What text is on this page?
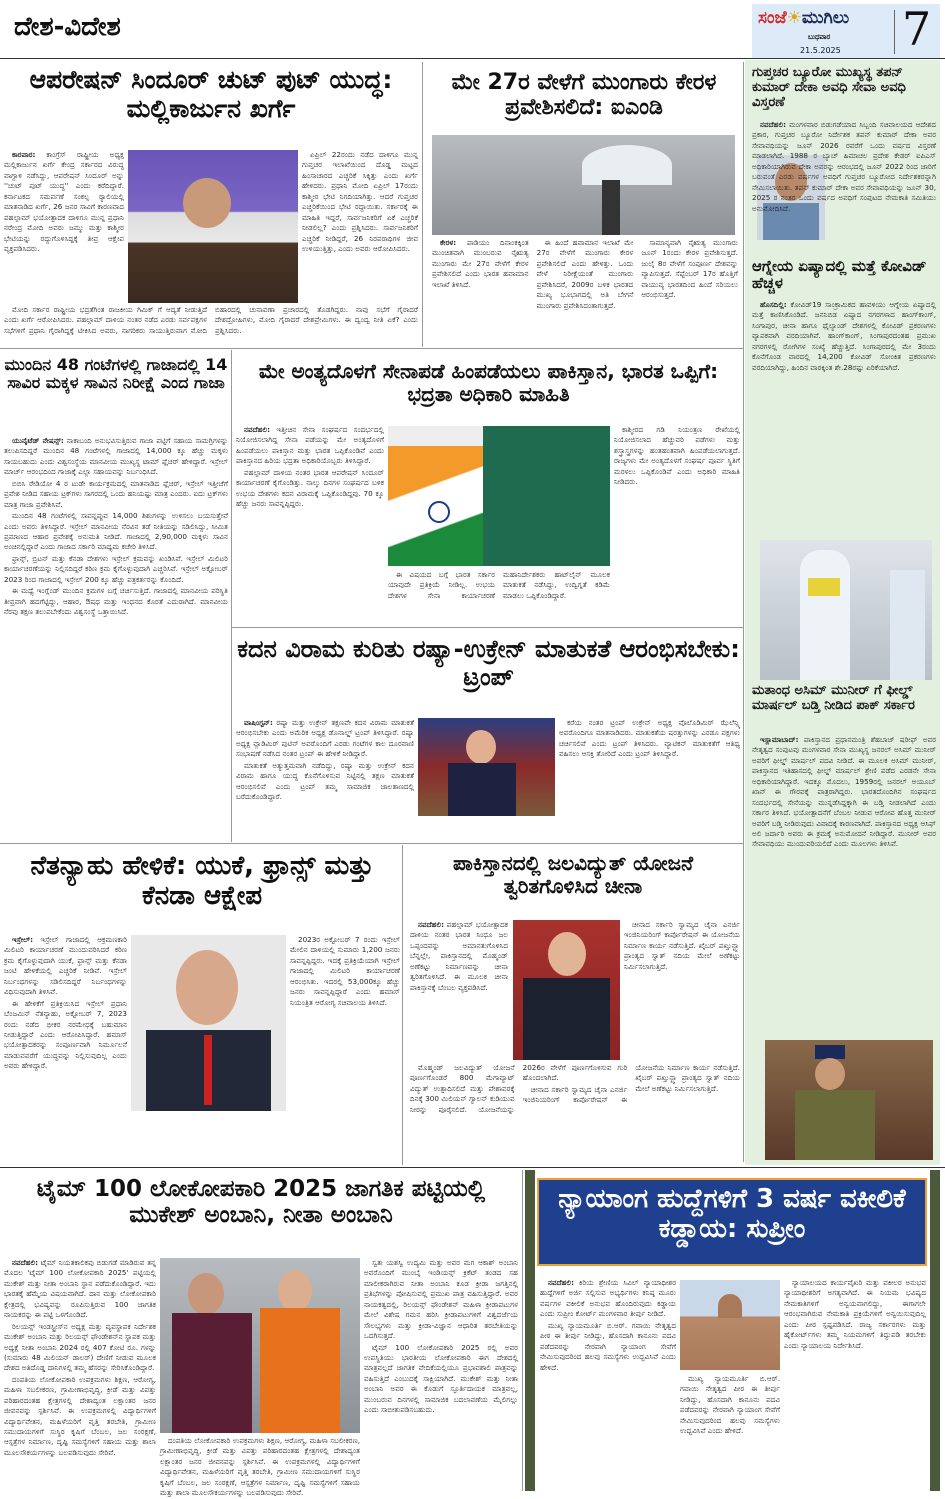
ದೇಶ-ವಿದೇಶ	ಸಂಜೆ☀ಮುಗಿಲು
ಬುಧವಾರ
21.5.2025 7
ಆಪರೇಷನ್ ಸಿಂದೂರ್ ಚುಟ್ ಪುಟ್ ಯುದ್ಧ: ಮಲ್ಲಿಕಾರ್ಜುನ ಖರ್ಗೆ

ಕಾರವಾರ: ಕಾಂಗ್ರೆಸ್ ರಾಷ್ಟ್ರೀಯ ಅಧ್ಯಕ್ಷ ಮಲ್ಲಿಕಾರ್ಜುನ ಖರ್ಗೆ ಕೇಂದ್ರ ಸರ್ಕಾರದ ವಿರುದ್ಧ ವಾಗ್ದಾಳಿ ನಡೆಸಿದ್ದು, ಆಪರೇಷನ್ ಸಿಂದೂರ್ ಅನ್ನು ''ಚುಟ್ ಪುಟ್ ಯುದ್ಧ'' ಎಂದು ಕರೆದಿದ್ದಾರೆ. ಕರ್ನಾಟಕದ ಸಮರ್ಪಣೆ ಸಂಕಲ್ಪ ರ್‍ಯಾಲಿಯಲ್ಲಿ ಮಾತನಾಡಿದ ಖರ್ಗೆ, 26 ಜನರ ಸಾವಿಗೆ ಕಾರಣವಾದ ಪಹಲ್ಗಾಮ್ ಭಯೋತ್ಪಾದಕ ದಾಳಿಗೂ ಮುನ್ನ ಪ್ರಧಾನಿ ನರೇಂದ್ರ ಮೋದಿ ಅವರು ಜಮ್ಮು ಮತ್ತು ಕಾಶ್ಮೀರ ಭೇಟಿಯನ್ನು ರದ್ದುಗೊಳಿಸಿದ್ದಕ್ಕೆ ತೀವ್ರ ಆಕ್ಷೇಪ ವ್ಯಕ್ತಪಡಿಸಿದರು.

ಏಪ್ರಿಲ್ 22ರಂದು ನಡೆದ ದಾಳಿಗೂ ಮುನ್ನ ಗುಪ್ತಚರ ಇಲಾಖೆಯಿಂದ ದೊಡ್ಡ ಮಟ್ಟದ ಹಿಂಸಾಚಾರದ ಎಚ್ಚರಿಕೆ ಸಿಕ್ಕಿತ್ತು ಎಂದು ಖರ್ಗೆ ಹೇಳಿದರು. ಪ್ರಧಾನಿ ಮೋದಿ ಏಪ್ರಿಲ್ 17ರಂದು ಕಾಶ್ಮೀರ ಭೇಟಿ ನಿಗದಿಯಾಗಿತ್ತು. ಆದರೆ ಗುಪ್ತಚರ ಎಚ್ಚರಿಕೆಯಿಂದ ಭೇಟಿ ರದ್ದಾಯಿತು. ಸರ್ಕಾರಕ್ಕೆ ಈ ಮಾಹಿತಿ ಇದ್ದರೆ, ಸಾರ್ವಜನಿಕರಿಗೆ ಏಕೆ ಎಚ್ಚರಿಕೆ ನೀಡಲಿಲ್ಲ? ಎಂದು ಪ್ರಶ್ನಿಸಿದರು. ಸಾರ್ವಜನಿಕರಿಗೆ ಎಚ್ಚರಿಕೆ ನೀಡಿದ್ದರೆ, 26 ನಿರಪರಾಧಿಗಳ ಜೀವ ಉಳಿಯುತ್ತಿತ್ತು, ಎಂದು ಅವರು ಆರೋಪಿಸಿದರು.

ಮೋದಿ ಸರ್ಕಾರ ರಾಷ್ಟ್ರೀಯ ಭದ್ರತೆಗಿಂತ ರಾಜಕೀಯ ಗಿಮಿಕ್ ಗೆ ಆದ್ಯತೆ ನೀಡುತ್ತಿದೆ ಎಂದು ಖರ್ಗೆ ಆರೋಪಿಸಿದರು. ಪಹಲ್ಗಾಮ್ ದಾಳಿಯ ನಂತರ ನಡೆದ ಎರಡು ಸರ್ವಪಕ್ಷಗಳ ಸಭೆಗಳಿಗೆ ಪ್ರಧಾನಿ ಗೈರಾಗಿದ್ದಕ್ಕೆ ಟೀಕಿಸಿದ ಅವರು, ನಾಗರಿಕರು ಸಾಯುತ್ತಿರುವಾಗ ಮೋದಿ ಬಿಹಾರದಲ್ಲಿ ಚುನಾವಣಾ ಪ್ರಚಾರದಲ್ಲಿ ತೊಡಗಿದ್ದರು. ನಾವು ಸಭೆಗೆ ಗೈರಾದರೆ ದೇಶದ್ರೋಹಿಗಳು, ಮೋದಿ ಗೈರಾದರೆ ದೇಶಪ್ರೇಮಿಗಳು. ಈ ದ್ವಂದ್ವ ನೀತಿ ಏಕೆ? ಎಂದು ಪ್ರಶ್ನಿಸಿದರು.

ಮೇ 27ರ ವೇಳೆಗೆ ಮುಂಗಾರು ಕೇರಳ ಪ್ರವೇಶಿಸಲಿದೆ: ಐಎಂಡಿ

ಕೇರಳ: ಪಾಡಿಯಂ ದಿನಾಂಕಕ್ಕಿಂತ ಮುಂಚಿತವಾಗಿ ಮುಂಬರುವ ನೈಋತ್ಯ ಮುಂಗಾರು ಮೇ 27ರ ವೇಳೆಗೆ ಕೇರಳ ಪ್ರವೇಶಿಸಲಿದೆ ಎಂದು ಭಾರತ ಹವಾಮಾನ ಇಲಾಖೆ ತಿಳಿಸಿದೆ.

ಈ ಹಿಂದೆ ಹವಾಮಾನ ಇಲಾಖೆ ಮೇ 27ರ ವೇಳೆಗೆ ಮುಂಗಾರು ಕೇರಳ ಪ್ರವೇಶಿಸಲಿದೆ ಎಂದು ಹೇಳಿತ್ತು. ಒಂದು ವೇಳೆ ನಿರೀಕ್ಷೆಯಂತೆ ಮುಂಗಾರು ಪ್ರವೇಶಿಸಿದರೆ, 2009ರ ಬಳಿಕ ಭಾರತದ ಮುಖ್ಯ ಭೂಭಾಗದಲ್ಲಿ ಅತಿ ಬೇಗನೆ ಮುಂಗಾರು ಪ್ರವೇಶಿಸಿದಂತಾಗುತ್ತದೆ.

ಸಾಮಾನ್ಯವಾಗಿ ನೈಋತ್ಯ ಮುಂಗಾರು ಜೂನ್ 1ರಂದು ಕೇರಳ ಪ್ರವೇಶಿಸುತ್ತದೆ. ಜುಲೈ 8ರ ವೇಳೆಗೆ ಸಂಪೂರ್ಣ ದೇಶವನ್ನು ವ್ಯಾಪಿಸುತ್ತದೆ. ಸೆಪ್ಟೆಂಬರ್ 17ರ ಹೊತ್ತಿಗೆ ವಾಯುವ್ಯ ಭಾರತದಿಂದ ಹಿಂದೆ ಸರಿಯಲು ಆರಂಭಿಸುತ್ತದೆ.

ಮುಂದಿನ 48 ಗಂಟೆಗಳಲ್ಲಿ ಗಾಜಾದಲ್ಲಿ 14 ಸಾವಿರ ಮಕ್ಕಳ ಸಾವಿನ ನಿರೀಕ್ಷೆ ಎಂದ ಗಾಜಾ

ಯುನೈಟೆಡ್ ನೇಷನ್ಸ್: ನಾಕಾಬಂದಿ ಅನುಭವಿಸುತ್ತಿರುವ ಗಾಜಾ ಪಟ್ಟಿಗೆ ಸಹಾಯ ಸಾಮಗ್ರಿಗಳನ್ನು ತಲುಪಿಸದಿದ್ದರೆ ಮುಂದಿನ 48 ಗಂಟೆಗಳಲ್ಲಿ ಗಾಜಾದಲ್ಲಿ 14,000 ಕ್ಕೂ ಹೆಚ್ಚು ಮಕ್ಕಳು ಸಾಯಬಹುದು ಎಂದು ವಿಶ್ವಸಂಸ್ಥೆಯ ಮಾನವೀಯ ಮುಖ್ಯಸ್ಥ ಟಾಮ್ ಫ್ಲೆಚರ್ ಹೇಳಿದ್ದಾರೆ. ಇಸ್ರೇಲ್ ಮಾರ್ಚ್ ಆರಂಭದಿಂದ ಗಾಜಾಕ್ಕೆ ಎಲ್ಲಾ ಸಹಾಯವನ್ನು ನಿರ್ಬಂಧಿಸಿದೆ.

ಬಿಬಿಸಿ ರೇಡಿಯೋ 4 ರ ಟುಡೇ ಕಾರ್ಯಕ್ರಮದಲ್ಲಿ ಮಾತನಾಡಿದ ಫ್ಲೆಚರ್, ಇಸ್ರೇಲ್ ಇತ್ತೀಚೆಗೆ ಪ್ರವೇಶ ನೀಡಿದ ಸಹಾಯ ಟ್ರಕ್‌ಗಳು ಸಾಗರದಲ್ಲಿ ಒಂದು ಹನಿಯಷ್ಟು ಮಾತ್ರ ಎಂದರು. ಐದು ಟ್ರಕ್‌ಗಳು ಮಾತ್ರ ಗಾಜಾ ಪ್ರವೇಶಿಸಿವೆ.

ಮುಂದಿನ 48 ಗಂಟೆಗಳಲ್ಲಿ ಸಾವನ್ನಪ್ಪುವ 14,000 ಶಿಶುಗಳನ್ನು ಉಳಿಸಲು ಬಯಸುತ್ತೇವೆ ಎಂದು ಅವರು ತಿಳಿಸಿದ್ದಾರೆ. ಇಸ್ರೇಲ್ ಮಾನವೀಯ ನೆರವಿನ ತಡೆ ನೀತಿಯನ್ನು ಸಡಿಲಿಸಿದ್ದು, ಸೀಮಿತ ಪ್ರಮಾಣದ ಆಹಾರ ಪ್ರವೇಶಕ್ಕೆ ಅನುಮತಿ ನೀಡಿದೆ. ಗಾಜಾದಲ್ಲಿ 2,90,000 ಮಕ್ಕಳು ಸಾವಿನ ಅಂಚಿನಲ್ಲಿದ್ದಾರೆ ಎಂದು ಗಾಜಾದ ಸರ್ಕಾರಿ ಮಾಧ್ಯಮ ಕಚೇರಿ ತಿಳಿಸಿದೆ.

ಫ್ರಾನ್ಸ್, ಬ್ರಿಟನ್ ಮತ್ತು ಕೆನಡಾ ದೇಶಗಳು ಇಸ್ರೇಲ್ ಕ್ರಮವನ್ನು ಖಂಡಿಸಿವೆ. ಇಸ್ರೇಲ್ ಮಿಲಿಟರಿ ಕಾರ್ಯಾಚರಣೆಯನ್ನು ನಿಲ್ಲಿಸದಿದ್ದರೆ ಕಠಿಣ ಕ್ರಮ ಕೈಗೊಳ್ಳುವುದಾಗಿ ಎಚ್ಚರಿಸಿವೆ. ಇಸ್ರೇಲ್ ಅಕ್ಟೋಬರ್ 2023 ರಿಂದ ಗಾಜಾದಲ್ಲಿ ಇಸ್ರೇಲ್ 200 ಕ್ಕೂ ಹೆಚ್ಚು ಪತ್ರಕರ್ತರನ್ನು ಕೊಂದಿದೆ.

ಈ ಮಧ್ಯೆ ಇಂಗ್ಲೆಂಡ್ ಮುಂದಿನ ಕ್ರಮಗಳ ಬಗ್ಗೆ ಚರ್ಚಿಸುತ್ತಿದೆ. ಗಾಜಾದಲ್ಲಿ ಮಾನವೀಯ ಪರಿಸ್ಥಿತಿ ತೀವ್ರವಾಗಿ ಹದಗೆಟ್ಟಿದ್ದು, ಆಹಾರ, ಔಷಧ ಮತ್ತು ಇಂಧನದ ಕೊರತೆ ಎದುರಾಗಿದೆ. ಮಾನವೀಯ ನೆರವು ತಕ್ಷಣ ತಲುಪಬೇಕೆಂದು ವಿಶ್ವಸಂಸ್ಥೆ ಒತ್ತಾಯಿಸಿದೆ.

ಮೇ ಅಂತ್ಯದೊಳಗೆ ಸೇನಾಪಡೆ ಹಿಂಪಡೆಯಲು ಪಾಕಿಸ್ತಾನ, ಭಾರತ ಒಪ್ಪಿಗೆ: ಭದ್ರತಾ ಅಧಿಕಾರಿ ಮಾಹಿತಿ

ನವದೆಹಲಿ: ಇತ್ತೀಚಿನ ಸೇನಾ ಸಂಘರ್ಷದ ಸಂದರ್ಭದಲ್ಲಿ ನಿಯೋಜಿಸಲಾಗಿದ್ದ ಸೇನಾ ಪಡೆಯನ್ನು ಮೇ ಅಂತ್ಯದೊಳಗೆ ಹಿಂಪಡೆಯಲು ಪಾಕಿಸ್ತಾನ ಮತ್ತು ಭಾರತ ಒಪ್ಪಿಕೊಂಡಿವೆ ಎಂದು ಪಾಕಿಸ್ತಾನದ ಹಿರಿಯ ಭದ್ರತಾ ಅಧಿಕಾರಿಯೊಬ್ಬರು ತಿಳಿಸಿದ್ದಾರೆ.

ಪಹಲ್ಗಾಮ್ ದಾಳಿಯ ನಂತರ ಭಾರತ ಆಪರೇಷನ್ ಸಿಂದೂರ್ ಕಾರ್ಯಾಚರಣೆ ಕೈಗೊಂಡಿತ್ತು. ನಾಲ್ಕು ದಿನಗಳ ಸಂಘರ್ಷದ ಬಳಿಕ ಉಭಯ ದೇಶಗಳು ಕದನ ವಿರಾಮಕ್ಕೆ ಒಪ್ಪಿಕೊಂಡಿದ್ದವು. 70 ಕ್ಕೂ ಹೆಚ್ಚು ಜನರು ಸಾವನ್ನಪ್ಪಿದ್ದರು.

ಕಾಶ್ಮೀರದ ಗಡಿ ನಿಯಂತ್ರಣ ರೇಖೆಯಲ್ಲಿ ನಿಯೋಜಿಸಲಾದ ಹೆಚ್ಚುವರಿ ಪಡೆಗಳು ಮತ್ತು ಶಸ್ತ್ರಾಸ್ತ್ರಗಳನ್ನು ಹಂತಹಂತವಾಗಿ ಹಿಂಪಡೆಯಲಾಗುತ್ತದೆ. ರಾಜ್ಯಗಳು ಮೇ ಅಂತ್ಯದೊಳಗೆ ಸಂಘರ್ಷ ಪೂರ್ವ ಸ್ಥಿತಿಗೆ ಮರಳಲು ಒಪ್ಪಿಕೊಂಡಿವೆ ಎಂದು ಅಧಿಕಾರಿ ಮಾಹಿತಿ ನೀಡಿದರು.

ಈ ವಿಷಯದ ಬಗ್ಗೆ ಭಾರತ ಸರ್ಕಾರ ಯಾವುದೇ ಪ್ರತಿಕ್ರಿಯೆ ನೀಡಿಲ್ಲ. ಉಭಯ ದೇಶಗಳ ಸೇನಾ ಕಾರ್ಯಾಚರಣೆ ಮಹಾನಿರ್ದೇಶಕರು ಹಾಟ್‌ಲೈನ್ ಮೂಲಕ ಮಾತುಕತೆ ನಡೆಸಿದ್ದು, ಉದ್ವಿಗ್ನತೆ ಕಡಿಮೆ ಮಾಡಲು ಒಪ್ಪಿಕೊಂಡಿದ್ದಾರೆ.

ಕದನ ವಿರಾಮ ಕುರಿತು ರಷ್ಯಾ-ಉಕ್ರೇನ್ ಮಾತುಕತೆ ಆರಂಭಿಸಬೇಕು: ಟ್ರಂಪ್

ವಾಷಿಂಗ್ಟನ್: ರಷ್ಯಾ ಮತ್ತು ಉಕ್ರೇನ್ ತಕ್ಷಣವೇ ಕದನ ವಿರಾಮ ಮಾತುಕತೆ ಆರಂಭಿಸಬೇಕು ಎಂದು ಅಮೆರಿಕ ಅಧ್ಯಕ್ಷ ಡೊನಾಲ್ಡ್ ಟ್ರಂಪ್ ತಿಳಿಸಿದ್ದಾರೆ. ರಷ್ಯಾ ಅಧ್ಯಕ್ಷ ವ್ಲಾಡಿಮಿರ್ ಪುಟಿನ್ ಅವರೊಂದಿಗೆ ಎರಡು ಗಂಟೆಗಳ ಕಾಲ ದೂರವಾಣಿ ಸಂಭಾಷಣೆ ನಡೆಸಿದ ನಂತರ ಟ್ರಂಪ್ ಈ ಹೇಳಿಕೆ ನೀಡಿದ್ದಾರೆ.

ಮಾತುಕತೆ ಅತ್ಯುತ್ತಮವಾಗಿ ನಡೆದಿದ್ದು, ರಷ್ಯಾ ಮತ್ತು ಉಕ್ರೇನ್ ಕದನ ವಿರಾಮ ಹಾಗೂ ಯುದ್ಧ ಕೊನೆಗೊಳಿಸುವ ನಿಟ್ಟಿನಲ್ಲಿ ತಕ್ಷಣ ಮಾತುಕತೆ ಆರಂಭಿಸಲಿವೆ ಎಂದು ಟ್ರಂಪ್ ತಮ್ಮ ಸಾಮಾಜಿಕ ಜಾಲತಾಣದಲ್ಲಿ ಬರೆದುಕೊಂಡಿದ್ದಾರೆ.

ಕರೆಯ ನಂತರ ಟ್ರಂಪ್ ಉಕ್ರೇನ್ ಅಧ್ಯಕ್ಷ ವೊಲೊಡಿಮಿರ್ ಝೆಲೆನ್ಸ್ಕಿ ಅವರೊಂದಿಗೂ ಮಾತನಾಡಿದರು. ಮಾತುಕತೆಯ ಷರತ್ತುಗಳನ್ನು ಎರಡೂ ಪಕ್ಷಗಳು ಚರ್ಚಿಸಲಿವೆ ಎಂದು ಟ್ರಂಪ್ ತಿಳಿಸಿದರು. ವ್ಯಾಟಿಕನ್ ಮಾತುಕತೆಗೆ ಆತಿಥ್ಯ ವಹಿಸಲು ಆಸಕ್ತಿ ತೋರಿದೆ ಎಂದು ಟ್ರಂಪ್ ತಿಳಿಸಿದ್ದಾರೆ.

ನೆತನ್ಯಾಹು ಹೇಳಿಕೆ: ಯುಕೆ, ಫ್ರಾನ್ಸ್ ಮತ್ತು ಕೆನಡಾ ಆಕ್ಷೇಪ

ಇಸ್ರೇಲ್: ಇಸ್ರೇಲ್ ಗಾಜಾದಲ್ಲಿ ಆಕ್ರಮಣಕಾರಿ ಮಿಲಿಟರಿ ಕಾರ್ಯಾಚರಣೆ ಮುಂದುವರಿಸಿದರೆ ಕಠಿಣ ಕ್ರಮ ಕೈಗೊಳ್ಳುವುದಾಗಿ ಯುಕೆ, ಫ್ರಾನ್ಸ್ ಮತ್ತು ಕೆನಡಾ ಜಂಟಿ ಹೇಳಿಕೆಯಲ್ಲಿ ಎಚ್ಚರಿಕೆ ನೀಡಿವೆ. ಇಸ್ರೇಲ್ ನಿರ್ಬಂಧಗಳನ್ನು ಸಡಿಲಿಸದಿದ್ದರೆ ನಿರ್ಬಂಧಗಳನ್ನು ವಿಧಿಸುವುದಾಗಿ ತಿಳಿಸಿವೆ.

ಈ ಹೇಳಿಕೆಗೆ ಪ್ರತಿಕ್ರಿಯಿಸಿದ ಇಸ್ರೇಲ್ ಪ್ರಧಾನಿ ಬೆಂಜಮಿನ್ ನೆತನ್ಯಾಹು, ಅಕ್ಟೋಬರ್ 7, 2023 ರಂದು ನಡೆದ ಭೀಕರ ನರಮೇಧಕ್ಕೆ ಬಹುಮಾನ ನೀಡುತ್ತಿದ್ದಾರೆ ಎಂದು ಆರೋಪಿಸಿದ್ದಾರೆ. ಹಮಾಸ್ ಭಯೋತ್ಪಾದಕರನ್ನು ಸಂಪೂರ್ಣವಾಗಿ ನಿರ್ಮೂಲನೆ ಮಾಡುವವರೆಗೆ ಯುದ್ಧವನ್ನು ನಿಲ್ಲಿಸುವುದಿಲ್ಲ ಎಂದು ಅವರು ಹೇಳಿದ್ದಾರೆ.

2023ರ ಅಕ್ಟೋಬರ್ 7 ರಂದು ಇಸ್ರೇಲ್ ಮೇಲಿನ ದಾಳಿಯಲ್ಲಿ ಸುಮಾರು 1,200 ಜನರು ಸಾವನ್ನಪ್ಪಿದ್ದರು. ಇದಕ್ಕೆ ಪ್ರತಿಕ್ರಿಯೆಯಾಗಿ ಇಸ್ರೇಲ್ ಗಾಜಾದಲ್ಲಿ ಮಿಲಿಟರಿ ಕಾರ್ಯಾಚರಣೆ ಆರಂಭಿಸಿತು. ಇದರಲ್ಲಿ 53,000ಕ್ಕೂ ಹೆಚ್ಚು ಜನರು ಸಾವನ್ನಪ್ಪಿದ್ದಾರೆ ಎಂದು ಹಮಾಸ್ ನಿಯಂತ್ರಿತ ಆರೋಗ್ಯ ಸಚಿವಾಲಯ ತಿಳಿಸಿದೆ.

ಪಾಕಿಸ್ತಾನದಲ್ಲಿ ಜಲವಿದ್ಯುತ್ ಯೋಜನೆ ತ್ವರಿತಗೊಳಿಸಿದ ಚೀನಾ

ನವದೆಹಲಿ: ಪಹಲ್ಗಾಮ್ ಭಯೋತ್ಪಾದಕ ದಾಳಿಯ ನಂತರ ಭಾರತ ಸಿಂಧೂ ಜಲ ಒಪ್ಪಂದವನ್ನು ಅಮಾನತುಗೊಳಿಸಿದ ಬೆನ್ನಲ್ಲೇ, ಪಾಕಿಸ್ತಾನದಲ್ಲಿ ಮೊಹ್ಮಂಡ್ ಅಣೆಕಟ್ಟು ನಿರ್ಮಾಣವನ್ನು ಚೀನಾ ತ್ವರಿತಗೊಳಿಸಿದೆ. ಈ ಮೂಲಕ ಚೀನಾ ಪಾಕಿಸ್ತಾನಕ್ಕೆ ಬೆಂಬಲ ವ್ಯಕ್ತಪಡಿಸಿದೆ.

ಚೀನಾದ ಸರ್ಕಾರಿ ಸ್ವಾಮ್ಯದ ಚೈನಾ ಎನರ್ಜಿ ಇಂಜಿನಿಯರಿಂಗ್ ಕಾರ್ಪೊರೇಷನ್ ಈ ಯೋಜನೆಯ ನಿರ್ಮಾಣ ಕಾರ್ಯ ನಡೆಸುತ್ತಿದೆ. ಖೈಬರ್ ಪಖ್ತುನ್ಖ್ವಾ ಪ್ರಾಂತ್ಯದ ಸ್ವಾತ್ ನದಿಯ ಮೇಲೆ ಅಣೆಕಟ್ಟು ನಿರ್ಮಿಸಲಾಗುತ್ತಿದೆ.

ಮೊಹ್ಮಂಡ್ ಜಲವಿದ್ಯುತ್ ಯೋಜನೆ ಪೂರ್ಣಗೊಂಡರೆ 800 ಮೆಗಾವ್ಯಾಟ್ ವಿದ್ಯುತ್ ಉತ್ಪಾದಿಸಲಿದೆ ಮತ್ತು ಪೇಶಾವರಕ್ಕೆ ದಿನಕ್ಕೆ 300 ಮಿಲಿಯನ್ ಗ್ಯಾಲನ್ ಕುಡಿಯುವ ನೀರನ್ನು ಪೂರೈಸಲಿದೆ. ಯೋಜನೆಯನ್ನು 2026ರ ವೇಳೆಗೆ ಪೂರ್ಣಗೊಳಿಸುವ ಗುರಿ ಹೊಂದಲಾಗಿದೆ.

ಚೀನಾದ ಸರ್ಕಾರಿ ಸ್ವಾಮ್ಯದ ಚೈನಾ ಎನರ್ಜಿ ಇಂಜಿನಿಯರಿಂಗ್ ಕಾರ್ಪೊರೇಷನ್ ಈ ಯೋಜನೆಯ ನಿರ್ಮಾಣ ಕಾರ್ಯ ನಡೆಸುತ್ತಿದೆ. ಖೈಬರ್ ಪಖ್ತುನ್ಖ್ವಾ ಪ್ರಾಂತ್ಯದ ಸ್ವಾತ್ ನದಿಯ ಮೇಲೆ ಅಣೆಕಟ್ಟು ನಿರ್ಮಿಸಲಾಗುತ್ತಿದೆ.

ಗುಪ್ತಚರ ಬ್ಯೂರೋ ಮುಖ್ಯಸ್ಥ ತಪನ್ ಕುಮಾರ್ ದೇಕಾ ಅವಧಿ ಸೇವಾ ಅವಧಿ ವಿಸ್ತರಣೆ

ನವದೆಹಲಿ: ಮಂಗಳವಾರ ಬಿಡುಗಡೆಯಾದ ಸಿಬ್ಬಂದಿ ಸಚಿವಾಲಯದ ಆದೇಶದ ಪ್ರಕಾರ, ಗುಪ್ತಚರ ಬ್ಯೂರೋ ನಿರ್ದೇಶಕ ತಪನ್ ಕುಮಾರ್ ದೇಕಾ ಅವರ ಸೇವಾವಧಿಯನ್ನು ಜೂನ್ 2026 ರವರೆಗೆ ಒಂದು ವರ್ಷದ ವಿಸ್ತರಣೆ ಮಾಡಲಾಗಿದೆ. 1988 ರ ಬ್ಯಾಚ್ ಹಿಮಾಚಲ ಪ್ರದೇಶ ಕೇಡರ್ ಐಪಿಎಸ್ ಅಧಿಕಾರಿಯಾಗಿರುವ ದೇಕಾ ಅವರನ್ನು ಆರಂಭದಲ್ಲಿ ಜೂನ್ 2022 ರಿಂದ ಜಾರಿಗೆ ಬರುವಂತೆ ಎರಡು ವರ್ಷಗಳ ಅವಧಿಗೆ ಗುಪ್ತಚರ ಬ್ಯೂರೋದ ನಿರ್ದೇಶಕರನ್ನಾಗಿ ನೇಮಿಸಲಾಯಿತು. ತಪನ್ ಕುಮಾರ್ ದೇಕಾ ಅವರ ಸೇವಾವಧಿಯನ್ನು ಜೂನ್ 30, 2025 ರ ನಂತರ ಒಂದು ವರ್ಷದ ಅವಧಿಗೆ ಸಂಪುಟದ ನೇಮಕಾತಿ ಸಮಿತಿಯು ಅನುಮೋದಿಸಿದೆ.

ಆಗ್ನೇಯ ಏಷ್ಯಾದಲ್ಲಿ ಮತ್ತೆ ಕೋವಿಡ್ ಹೆಚ್ಚಳ

ಹೊಸದಿಲ್ಲಿ: ಕೋವಿಡ್19 ಸಾಂಕ್ರಾಮಿಕದ ಹಾವಳಿಯು ಆಗ್ನೇಯ ಏಷ್ಯಾದಲ್ಲಿ ಮತ್ತೆ ಕಾಣಿಸಿಕೊಂಡಿದೆ. ಜನನಿಬಿಡ ಏಷ್ಯಾದ ನಗರಗಳಾದ ಹಾಂಗ್‌ಕಾಂಗ್, ಸಿಂಗಾಪುರ, ಚೀನಾ ಹಾಗೂ ಥೈಲ್ಯಾಂಡ್ ದೇಶಗಳಲ್ಲಿ ಕೋವಿಡ್ ಪ್ರಕರಣಗಳು ವ್ಯಾಪಕವಾಗಿ ವರದಿಯಾಗಿವೆ. ಹಾಂಗ್‌ಕಾಂಗ್, ಸಿಂಗಾಪುರದಂತಹ ಪ್ರಮುಖ ನಗರಗಳಲ್ಲಿ ರೋಗಿಗಳ ಸಂಖ್ಯೆ ಹೆಚ್ಚುತ್ತಿದೆ. ಸಿಂಗಾಪುರದಲ್ಲಿ ಮೇ 3ರಂದು ಕೊನೆಗೊಂಡ ವಾರದಲ್ಲಿ 14,200 ಕೋವಿಡ್ ಸೋಂಕಿತ ಪ್ರಕರಣಗಳು ವರದಿಯಾಗಿದ್ದು, ಹಿಂದಿನ ವಾರಕ್ಕಿಂತ ಶೇ.28ರಷ್ಟು ಏರಿಕೆಯಾಗಿದೆ.

ಮತಾಂಧ ಅಸಿಮ್ ಮುನೀರ್ ಗೆ ಫೀಲ್ಡ್ ಮಾರ್ಷಲ್ ಬಡ್ತಿ ನೀಡಿದ ಪಾಕ್ ಸರ್ಕಾರ

ಇಸ್ಲಾಮಾಬಾದ್: ಪಾಕಿಸ್ತಾನದ ಪ್ರಧಾನಮಂತ್ರಿ ಶೆಹಬಾಜ್ ಷರೀಫ್ ಅವರ ನೇತೃತ್ವದ ಸಂಪುಟವು ಮಂಗಳವಾರ ಸೇನಾ ಮುಖ್ಯಸ್ಥ ಜನರಲ್ ಅಸಿಮ್ ಮುನೀರ್ ಅವರಿಗೆ ಫೀಲ್ಡ್ ಮಾರ್ಷಲ್ ಪದವಿ ನೀಡಿದೆ. ಈ ಮೂಲಕ ಅಸಿಮ್ ಮುನೀರ್, ಪಾಕಿಸ್ತಾನದ ಇತಿಹಾಸದಲ್ಲಿ ಫೀಲ್ಡ್ ಮಾರ್ಷಲ್ ಶ್ರೇಣಿ ಪಡೆದ ಎರಡನೇ ಸೇನಾ ಅಧಿಕಾರಿಯಾಗಿದ್ದಾರೆ. ಇದಕ್ಕೂ ಮೊದಲು, 1959ರಲ್ಲಿ ಜನರಲ್ ಅಯೂಬ್ ಖಾನ್ ಈ ಗೌರವಕ್ಕೆ ಪಾತ್ರರಾಗಿದ್ದರು. ಭಾರತದೊಂದಿಗಿನ ಸಂಘರ್ಷದ ಸಂದರ್ಭದಲ್ಲಿ ಸೇನೆಯನ್ನು ಮುನ್ನಡೆಸಿದ್ದಕ್ಕಾಗಿ ಈ ಬಡ್ತಿ ನೀಡಲಾಗಿದೆ ಎಂದು ಸರ್ಕಾರ ತಿಳಿಸಿದೆ. ಭಯೋತ್ಪಾದನೆಗೆ ಬೆಂಬಲ ನೀಡುವ ಆರೋಪ ಹೊತ್ತ ಮುನೀರ್ ಅವರಿಗೆ ಬಡ್ತಿ ನೀಡಿರುವುದು ವಿವಾದಕ್ಕೆ ಕಾರಣವಾಗಿದೆ. ಪಾಕಿಸ್ತಾನದ ಅಧ್ಯಕ್ಷ ಆಸಿಫ್ ಅಲಿ ಜರ್ದಾರಿ ಅವರು ಈ ಕ್ರಮಕ್ಕೆ ಅನುಮೋದನೆ ನೀಡಿದ್ದಾರೆ. ಮುನೀರ್ ಅವರ ಸೇವಾವಧಿಯು ಮುಂದುವರಿಯಲಿದೆ ಎಂದು ಮೂಲಗಳು ತಿಳಿಸಿವೆ.

ಟೈಮ್ 100 ಲೋಕೋಪಕಾರಿ 2025 ಜಾಗತಿಕ ಪಟ್ಟಿಯಲ್ಲಿ ಮುಕೇಶ್ ಅಂಬಾನಿ, ನೀತಾ ಅಂಬಾನಿ

ನವದೆಹಲಿ: ಟೈಮ್ ನಿಯತಕಾಲಿಕವು ಬಿಡುಗಡೆ ಮಾಡಿರುವ ತನ್ನ ಮೊದಲ 'ಟೈಮ್ 100 ಲೋಕೋಪಕಾರಿ 2025' ಪಟ್ಟಿಯಲ್ಲಿ ಮುಕೇಶ್ ಮತ್ತು ನೀತಾ ಅಂಬಾನಿ ಸ್ಥಾನ ಪಡೆದುಕೊಂಡಿದ್ದಾರೆ. ಇದು ಭಾರತಕ್ಕೆ ಹೆಮ್ಮೆಯ ವಿಷಯವಾಗಿದೆ. ದಾನ ಮತ್ತು ಲೋಕೋಪಕಾರಿ ಕ್ಷೇತ್ರದಲ್ಲಿ ಭವಿಷ್ಯವನ್ನು ರೂಪಿಸುತ್ತಿರುವ 100 ಜಾಗತಿಕ ನಾಯಕರನ್ನು ಈ ಪಟ್ಟಿ ಒಳಗೊಂಡಿದೆ.

ರಿಲಯನ್ಸ್ ಇಂಡಸ್ಟ್ರೀಸ್‌ನ ಅಧ್ಯಕ್ಷ ಮತ್ತು ವ್ಯವಸ್ಥಾಪಕ ನಿರ್ದೇಶಕ ಮುಕೇಶ್ ಅಂಬಾನಿ ಮತ್ತು ರಿಲಯನ್ಸ್ ಫೌಂಡೇಶನ್‌ನ ಸ್ಥಾಪಕ ಮತ್ತು ಅಧ್ಯಕ್ಷೆ ನೀತಾ ಅಂಬಾನಿ 2024 ರಲ್ಲಿ 407 ಕೋಟಿ ರೂ. ಗಳನ್ನು (ಸುಮಾರು 48 ಮಿಲಿಯನ್ ಡಾಲರ್) ದೇಣಿಗೆ ನೀಡುವ ಮೂಲಕ ದೇಶದ ಅತಿದೊಡ್ಡ ದಾನಿಗಳಲ್ಲಿ ತಮ್ಮ ಹೆಸರನ್ನು ಸೇರಿಸಿಕೊಂಡಿದ್ದಾರೆ.

ದಂಪತಿಯ ಲೋಕೋಪಕಾರಿ ಉಪಕ್ರಮಗಳು ಶಿಕ್ಷಣ, ಆರೋಗ್ಯ, ಮಹಿಳಾ ಸಬಲೀಕರಣ, ಗ್ರಾಮೀಣಾಭಿವೃದ್ಧಿ, ಕ್ರೀಡೆ ಮತ್ತು ವಿಪತ್ತು ಪರಿಹಾರದಂತಹ ಕ್ಷೇತ್ರಗಳಲ್ಲಿ ದೇಶಾದ್ಯಂತ ಲಕ್ಷಾಂತರ ಜನರ ಜೀವನವನ್ನು ಸ್ಪರ್ಶಿಸಿವೆ. ಈ ಉಪಕ್ರಮಗಳಲ್ಲಿ ವಿದ್ಯಾರ್ಥಿಗಳಿಗೆ ವಿದ್ಯಾರ್ಥಿವೇತನ, ಮಹಿಳೆಯರಿಗೆ ವೃತ್ತಿ ತರಬೇತಿ, ಗ್ರಾಮೀಣ ಸಮುದಾಯಗಳಿಗೆ ಸುಸ್ಥಿರ ಕೃಷಿಗೆ ಬೆಂಬಲ, ಜಲ ಸಂರಕ್ಷಣೆ, ಆಸ್ಪತ್ರೆಗಳ ನಿರ್ಮಾಣ, ದೃಷ್ಟಿ ಸಮಸ್ಯೆಗಳಿಗೆ ಸಹಾಯ ಮತ್ತು ಶಾಲಾ ಮೂಲಸೌಕರ್ಯಗಳನ್ನು ಬಲಪಡಿಸುವುದು ಸೇರಿವೆ.

ದಂಪತಿಯ ಲೋಕೋಪಕಾರಿ ಉಪಕ್ರಮಗಳು ಶಿಕ್ಷಣ, ಆರೋಗ್ಯ, ಮಹಿಳಾ ಸಬಲೀಕರಣ, ಗ್ರಾಮೀಣಾಭಿವೃದ್ಧಿ, ಕ್ರೀಡೆ ಮತ್ತು ವಿಪತ್ತು ಪರಿಹಾರದಂತಹ ಕ್ಷೇತ್ರಗಳಲ್ಲಿ ದೇಶಾದ್ಯಂತ ಲಕ್ಷಾಂತರ ಜನರ ಜೀವನವನ್ನು ಸ್ಪರ್ಶಿಸಿವೆ. ಈ ಉಪಕ್ರಮಗಳಲ್ಲಿ ವಿದ್ಯಾರ್ಥಿಗಳಿಗೆ ವಿದ್ಯಾರ್ಥಿವೇತನ, ಮಹಿಳೆಯರಿಗೆ ವೃತ್ತಿ ತರಬೇತಿ, ಗ್ರಾಮೀಣ ಸಮುದಾಯಗಳಿಗೆ ಸುಸ್ಥಿರ ಕೃಷಿಗೆ ಬೆಂಬಲ, ಜಲ ಸಂರಕ್ಷಣೆ, ಆಸ್ಪತ್ರೆಗಳ ನಿರ್ಮಾಣ, ದೃಷ್ಟಿ ಸಮಸ್ಯೆಗಳಿಗೆ ಸಹಾಯ ಮತ್ತು ಶಾಲಾ ಮೂಲಸೌಕರ್ಯಗಳನ್ನು ಬಲಪಡಿಸುವುದು ಸೇರಿವೆ.

ಸ್ವತಃ ಯಶಸ್ವಿ ಉದ್ಯಮಿ ಮತ್ತು ಅವರ ಮಗ ಆಕಾಶ್ ಅಂಬಾನಿ ಅವರೊಂದಿಗೆ ಮುಂಬೈ ಇಂಡಿಯನ್ಸ್ ಕ್ರಿಕೆಟ್ ತಂಡದ ಸಹ ಮಾಲೀಕರಾಗಿರುವ ನೀತಾ ಅಂಬಾನಿ ಕೂಡ ಕ್ರೀಡಾ ಜಗತ್ತಿನಲ್ಲಿ ಪ್ರತಿಭೆಗಳನ್ನು ಪೋಷಿಸುವಲ್ಲಿ ಪ್ರಮುಖ ಪಾತ್ರ ವಹಿಸುತ್ತಿದ್ದಾರೆ. ಅವರ ನಾಯಕತ್ವದಲ್ಲಿ, ರಿಲಯನ್ಸ್ ಫೌಂಡೇಶನ್ ಮಹಿಳಾ ಕ್ರೀಡಾಪಟುಗಳ ಮೇಲೆ ವಿಶೇಷ ಗಮನ ಹರಿಸಿ ಕ್ರೀಡಾಪಟುಗಳಿಗೆ ವಿಶ್ವದರ್ಜೆಯ ಸೌಲಭ್ಯಗಳು ಮತ್ತು ಕ್ರೀಡಾ-ವಿಜ್ಞಾನ ಆಧಾರಿತ ತರಬೇತಿಯನ್ನು ಒದಗಿಸುತ್ತದೆ.

ಟೈಮ್ 100 ಲೋಕೋಪಕಾರಿ 2025 ರಲ್ಲಿ ಅವರ ಉಪಸ್ಥಿತಿಯು ಭಾರತೀಯ ಲೋಕೋಪಕಾರಿ ಈಗ ದೇಶದಲ್ಲಿ ಮಾತ್ರವಲ್ಲದೆ ಜಾಗತಿಕ ವೇದಿಕೆಯಲ್ಲಿಯೂ ಪ್ರಭಾವಶಾಲಿ ಪಾತ್ರವನ್ನು ವಹಿಸುತ್ತಿದೆ ಎಂಬುದಕ್ಕೆ ಸಾಕ್ಷಿಯಾಗಿದೆ. ಮುಕೇಶ್ ಮತ್ತು ನೀತಾ ಅಂಬಾನಿ ಅವರ ಈ ಕೊಡುಗೆ ಸ್ಫೂರ್ತಿದಾಯಕ ಮಾತ್ರವಲ್ಲ, ಮುಂಬರುವ ದಿನಗಳಲ್ಲಿ ಸಾಮಾಜಿಕ ಬದಲಾವಣೆಯ ಮೈಲಿಗಲ್ಲು ಎಂದು ಸಾಬೀತುಪಡಿಸಬಹುದು.

ನ್ಯಾಯಾಂಗ ಹುದ್ದೆಗಳಿಗೆ 3 ವರ್ಷ ವಕೀಲಿಕೆ ಕಡ್ಡಾಯ: ಸುಪ್ರೀಂ

ನವದೆಹಲಿ: ಕಿರಿಯ ಶ್ರೇಣಿಯ ಸಿವಿಲ್ ನ್ಯಾಯಾಧೀಶರ ಹುದ್ದೆಗಳಿಗೆ ಅರ್ಜಿ ಸಲ್ಲಿಸುವ ಅಭ್ಯರ್ಥಿಗಳು ಕನಿಷ್ಠ ಮೂರು ವರ್ಷಗಳ ವಕೀಲಿಕೆ ಅನುಭವ ಹೊಂದಿರುವುದು ಕಡ್ಡಾಯ ಎಂದು ಸುಪ್ರೀಂ ಕೋರ್ಟ್ ಮಂಗಳವಾರ ತೀರ್ಪು ನೀಡಿದೆ.

ಮುಖ್ಯ ನ್ಯಾಯಮೂರ್ತಿ ಬಿ.ಆರ್. ಗವಾಯಿ ನೇತೃತ್ವದ ಪೀಠ ಈ ತೀರ್ಪು ನೀಡಿದ್ದು, ಹೊಸದಾಗಿ ಕಾನೂನು ಪದವಿ ಪಡೆದವರನ್ನು ನೇರವಾಗಿ ನ್ಯಾಯಾಂಗ ಸೇವೆಗೆ ನೇಮಿಸುವುದರಿಂದ ಹಲವು ಸಮಸ್ಯೆಗಳು ಉದ್ಭವಿಸಿವೆ ಎಂದು ಹೇಳಿದೆ.

ನ್ಯಾಯಾಲಯದ ಕಾರ್ಯವೈಖರಿ ಮತ್ತು ವಕೀಲರ ಅನುಭವ ನ್ಯಾಯಾಧೀಶರಿಗೆ ಅಗತ್ಯವಾಗಿದೆ. ಈ ನಿಯಮ ಭವಿಷ್ಯದ ನೇಮಕಾತಿಗಳಿಗೆ ಅನ್ವಯವಾಗಲಿದ್ದು, ಈಗಾಗಲೇ ಆರಂಭವಾಗಿರುವ ನೇಮಕಾತಿ ಪ್ರಕ್ರಿಯೆಗಳಿಗೆ ಅನ್ವಯಿಸುವುದಿಲ್ಲ ಎಂದು ಪೀಠ ಸ್ಪಷ್ಟಪಡಿಸಿದೆ. ರಾಜ್ಯ ಸರ್ಕಾರಗಳು ಮತ್ತು ಹೈಕೋರ್ಟ್‌ಗಳು ತಮ್ಮ ನಿಯಮಗಳಿಗೆ ತಿದ್ದುಪಡಿ ತರಬೇಕು ಎಂದು ನ್ಯಾಯಾಲಯ ನಿರ್ದೇಶಿಸಿದೆ.

ಮುಖ್ಯ ನ್ಯಾಯಮೂರ್ತಿ ಬಿ.ಆರ್. ಗವಾಯಿ ನೇತೃತ್ವದ ಪೀಠ ಈ ತೀರ್ಪು ನೀಡಿದ್ದು, ಹೊಸದಾಗಿ ಕಾನೂನು ಪದವಿ ಪಡೆದವರನ್ನು ನೇರವಾಗಿ ನ್ಯಾಯಾಂಗ ಸೇವೆಗೆ ನೇಮಿಸುವುದರಿಂದ ಹಲವು ಸಮಸ್ಯೆಗಳು ಉದ್ಭವಿಸಿವೆ ಎಂದು ಹೇಳಿದೆ.
